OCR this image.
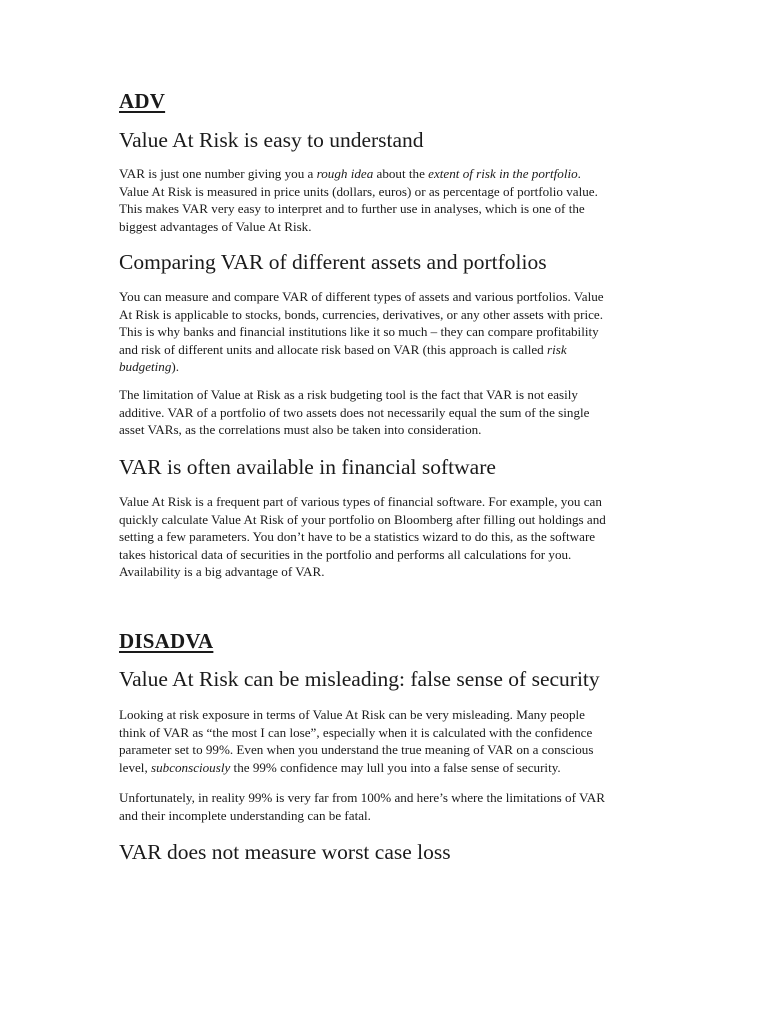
ADV
Value At Risk is easy to understand

VAR is just one number giving you a rough idea about the extent of risk in the portfolio.
Value At Risk is measured in price units (dollars, euros) or as percentage of portfolio value.
This makes VAR very easy to interpret and to further use in analyses, which is one of the
biggest advantages of Value At Risk.

Comparing VAR of different assets and portfolios

You can measure and compare VAR of different types of assets and various portfolios. Value
At Risk is applicable to stocks, bonds, currencies, derivatives, or any other assets with price.
This is why banks and financial institutions like it so much – they can compare profitability
and risk of different units and allocate risk based on VAR (this approach is called risk
budgeting).

The limitation of Value at Risk as a risk budgeting tool is the fact that VAR is not easily
additive. VAR of a portfolio of two assets does not necessarily equal the sum of the single
asset VARs, as the correlations must also be taken into consideration.

VAR is often available in financial software

Value At Risk is a frequent part of various types of financial software. For example, you can
quickly calculate Value At Risk of your portfolio on Bloomberg after filling out holdings and
setting a few parameters. You don’t have to be a statistics wizard to do this, as the software
takes historical data of securities in the portfolio and performs all calculations for you.
Availability is a big advantage of VAR.

DISADVA
Value At Risk can be misleading: false sense of security

Looking at risk exposure in terms of Value At Risk can be very misleading. Many people
think of VAR as “the most I can lose”, especially when it is calculated with the confidence
parameter set to 99%. Even when you understand the true meaning of VAR on a conscious
level, subconsciously the 99% confidence may lull you into a false sense of security.

Unfortunately, in reality 99% is very far from 100% and here’s where the limitations of VAR
and their incomplete understanding can be fatal.

VAR does not measure worst case loss
